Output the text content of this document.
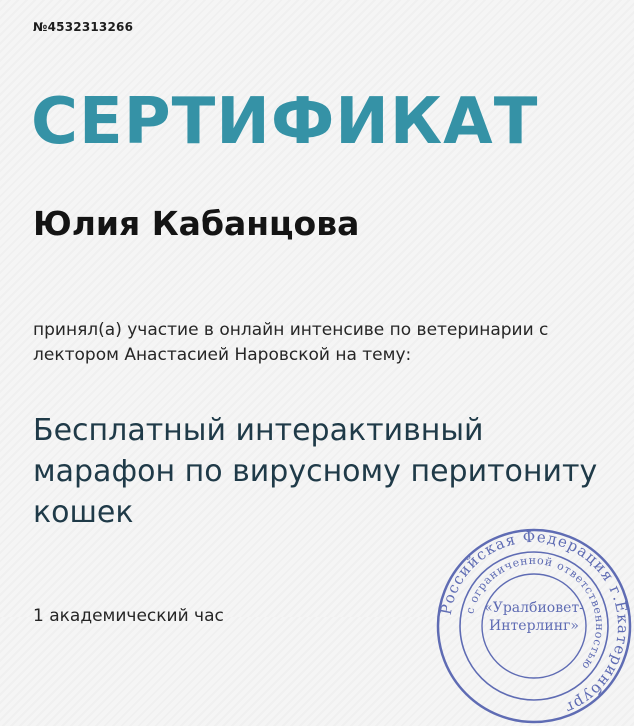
№4532313266
СЕРТИФИКАТ
Юлия Кабанцова
принял(а) участие в онлайн интенсиве по ветеринарии с
лектором Анастасией Наровской на тему:
Бесплатный интерактивный
марафон по вирусному перитониту
кошек
1 академический час	Российская Федерация г.Екатеринбург
с ограниченной ответственностью
«Уралбиовет-
Интерлинг»
